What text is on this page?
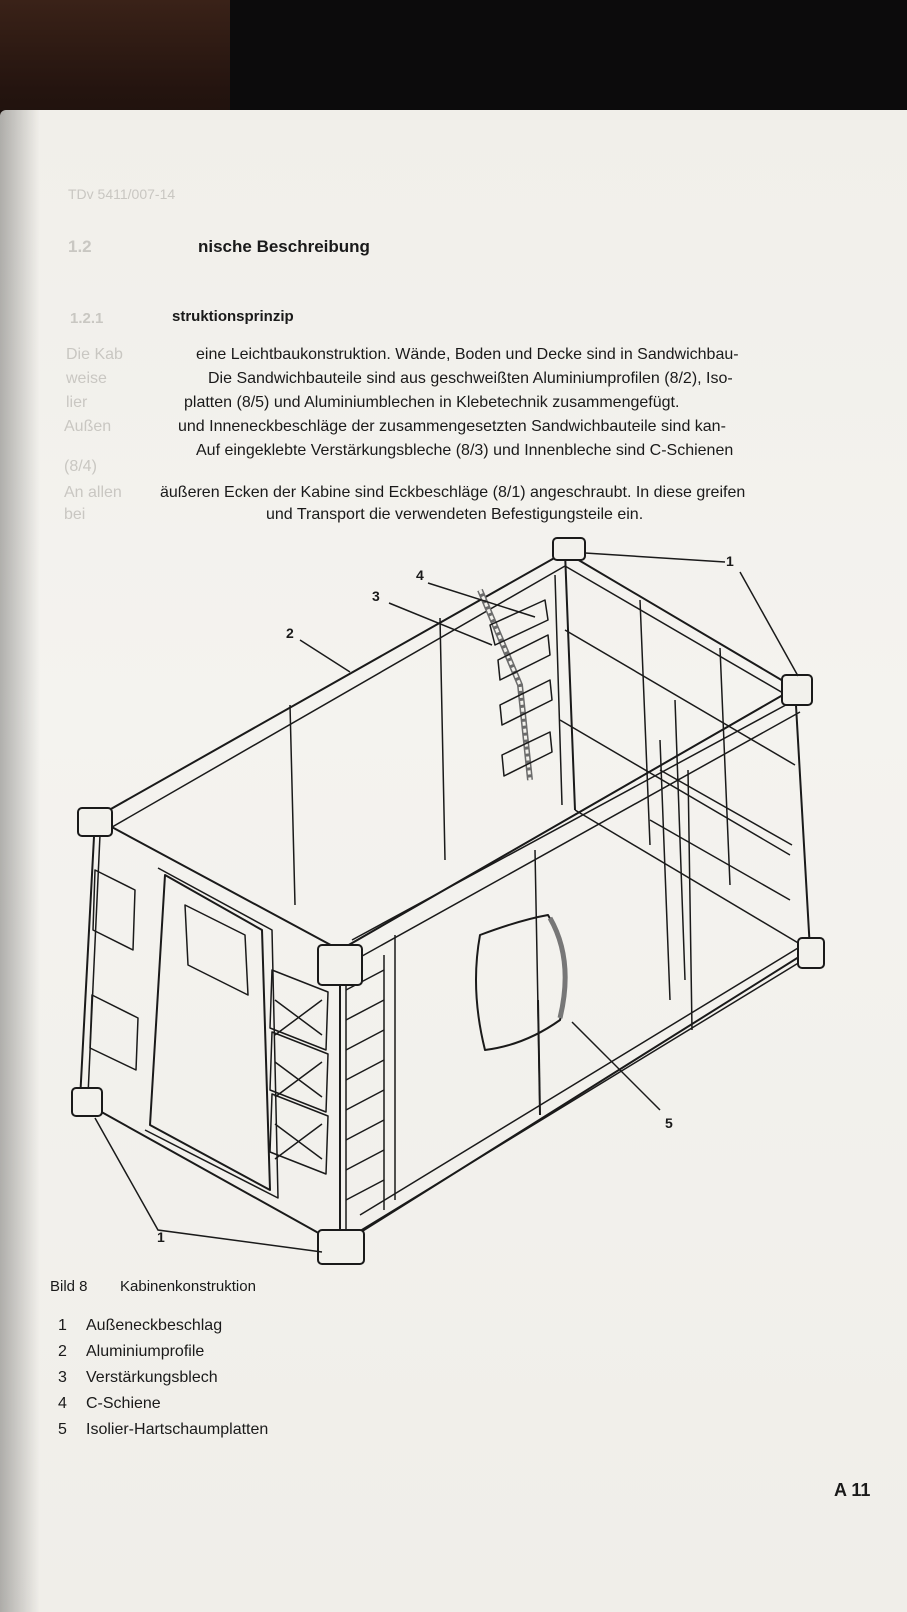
TDv 5411/007-14
1.2	nische Beschreibung
1.2.1	struktionsprinzip
Die Kab	eine Leichtbaukonstruktion. Wände, Boden und Decke sind in Sandwichbau-
weise	Die Sandwichbauteile sind aus geschweißten Aluminiumprofilen (8/2), Iso-
lier	platten (8/5) und Aluminiumblechen in Klebetechnik zusammengefügt.
Außen	und Inneneckbeschläge der zusammengesetzten Sandwichbauteile sind kan-
Auf eingeklebte Verstärkungsbleche (8/3) und Innenbleche sind C-Schienen
(8/4)
An allen äußeren Ecken der Kabine sind Eckbeschläge (8/1) angeschraubt. In diese greifen
bei	und Transport die verwendeten Befestigungsteile ein.
1
2
3
4
1
5
Bild 8 Kabinenkonstruktion
1 Außeneckbeschlag
2 Aluminiumprofile
3 Verstärkungsblech
4 C-Schiene
5 Isolier-Hartschaumplatten
A 11
